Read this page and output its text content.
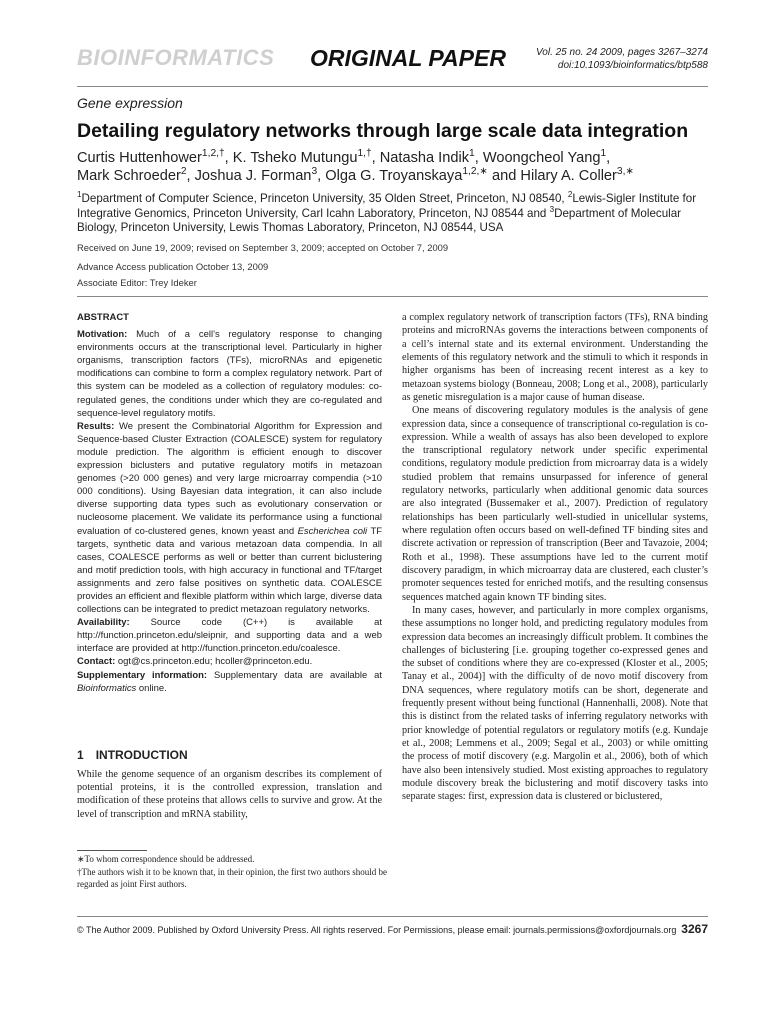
BIOINFORMATICS ORIGINAL PAPER	Vol. 25 no. 24 2009, pages 3267–3274
doi:10.1093/bioinformatics/btp588
Gene expression
Detailing regulatory networks through large scale data integration
Curtis Huttenhower$^{1,2,\dagger}$, K. Tsheko Mutungu$^{1,\dagger}$, Natasha Indik$^1$, Woongcheol Yang$^1$,
Mark Schroeder$^2$, Joshua J. Forman$^3$, Olga G. Troyanskaya$^{1,2,∗}$ and Hilary A. Coller$^{3,∗}$
$^1$Department of Computer Science, Princeton University, 35 Olden Street, Princeton, NJ 08540, $^2$Lewis-Sigler Institute for Integrative Genomics, Princeton University, Carl Icahn Laboratory, Princeton, NJ 08544 and $^3$Department of Molecular Biology, Princeton University, Lewis Thomas Laboratory, Princeton, NJ 08544, USA
Received on June 19, 2009; revised on September 3, 2009; accepted on October 7, 2009
Advance Access publication October 13, 2009
Associate Editor: Trey Ideker

ABSTRACT

Motivation: Much of a cell’s regulatory response to changing environments occurs at the transcriptional level. Particularly in higher organisms, transcription factors (TFs), microRNAs and epigenetic modifications can combine to form a complex regulatory network. Part of this system can be modeled as a collection of regulatory modules: co-regulated genes, the conditions under which they are co-regulated and sequence-level regulatory motifs.

Results: We present the Combinatorial Algorithm for Expression and Sequence-based Cluster Extraction (COALESCE) system for regulatory module prediction. The algorithm is efficient enough to discover expression biclusters and putative regulatory motifs in metazoan genomes (>20 000 genes) and very large microarray compendia (>10 000 conditions). Using Bayesian data integration, it can also include diverse supporting data types such as evolutionary conservation or nucleosome placement. We validate its performance using a functional evaluation of co-clustered genes, known yeast and Escherichea coli TF targets, synthetic data and various metazoan data compendia. In all cases, COALESCE performs as well or better than current biclustering and motif prediction tools, with high accuracy in functional and TF/target assignments and zero false positives on synthetic data. COALESCE provides an efficient and flexible platform within which large, diverse data collections can be integrated to predict metazoan regulatory networks.

Availability: Source code (C++) is available at http://function.princeton.edu/sleipnir, and supporting data and a web interface are provided at http://function.princeton.edu/coalesce.

Contact: ogt@cs.princeton.edu; hcoller@princeton.edu.

Supplementary information: Supplementary data are available at Bioinformatics online.

1 INTRODUCTION

While the genome sequence of an organism describes its complement of potential proteins, it is the controlled expression, translation and modification of these proteins that allows cells to survive and grow. At the level of transcription and mRNA stability,

∗To whom correspondence should be addressed.
†The authors wish it to be known that, in their opinion, the first two authors should be regarded as joint First authors.

a complex regulatory network of transcription factors (TFs), RNA binding proteins and microRNAs governs the interactions between components of a cell’s internal state and its external environment. Understanding the elements of this regulatory network and the stimuli to which it responds in higher organisms has been of increasing recent interest as a key to metazoan systems biology (Bonneau, 2008; Long et al., 2008), particularly as genetic misregulation is a major cause of human disease.

One means of discovering regulatory modules is the analysis of gene expression data, since a consequence of transcriptional co-regulation is co-expression. While a wealth of assays has also been developed to explore the transcriptional regulatory network under specific experimental conditions, regulatory module prediction from microarray data is a widely studied problem that remains unsurpassed for inference of general regulatory networks, particularly when additional genomic data sources are also integrated (Bussemaker et al., 2007). Prediction of regulatory relationships has been particularly well-studied in unicellular systems, where regulation often occurs based on well-defined TF binding sites and discrete activation or repression of transcription (Beer and Tavazoie, 2004; Roth et al., 1998). These assumptions have led to the current motif discovery paradigm, in which microarray data are clustered, each cluster’s promoter sequences tested for enriched motifs, and the resulting consensus sequences matched again known TF binding sites.

In many cases, however, and particularly in more complex organisms, these assumptions no longer hold, and predicting regulatory modules from expression data becomes an increasingly difficult problem. It combines the challenges of biclustering [i.e. grouping together co-expressed genes and the subset of conditions where they are co-expressed (Kloster et al., 2005; Tanay et al., 2004)] with the difficulty of de novo motif discovery from DNA sequences, where regulatory motifs can be short, degenerate and frequently present without being functional (Hannenhalli, 2008). Note that this is distinct from the related tasks of inferring regulatory networks with prior knowledge of potential regulators or regulatory motifs (e.g. Kundaje et al., 2008; Lemmens et al., 2009; Segal et al., 2003) or while omitting the process of motif discovery (e.g. Margolin et al., 2006), both of which have also been intensively studied. Most existing approaches to regulatory module discovery break the biclustering and motif discovery tasks into separate stages: first, expression data is clustered or biclustered,

© The Author 2009. Published by Oxford University Press. All rights reserved. For Permissions, please email: journals.permissions@oxfordjournals.org 3267
